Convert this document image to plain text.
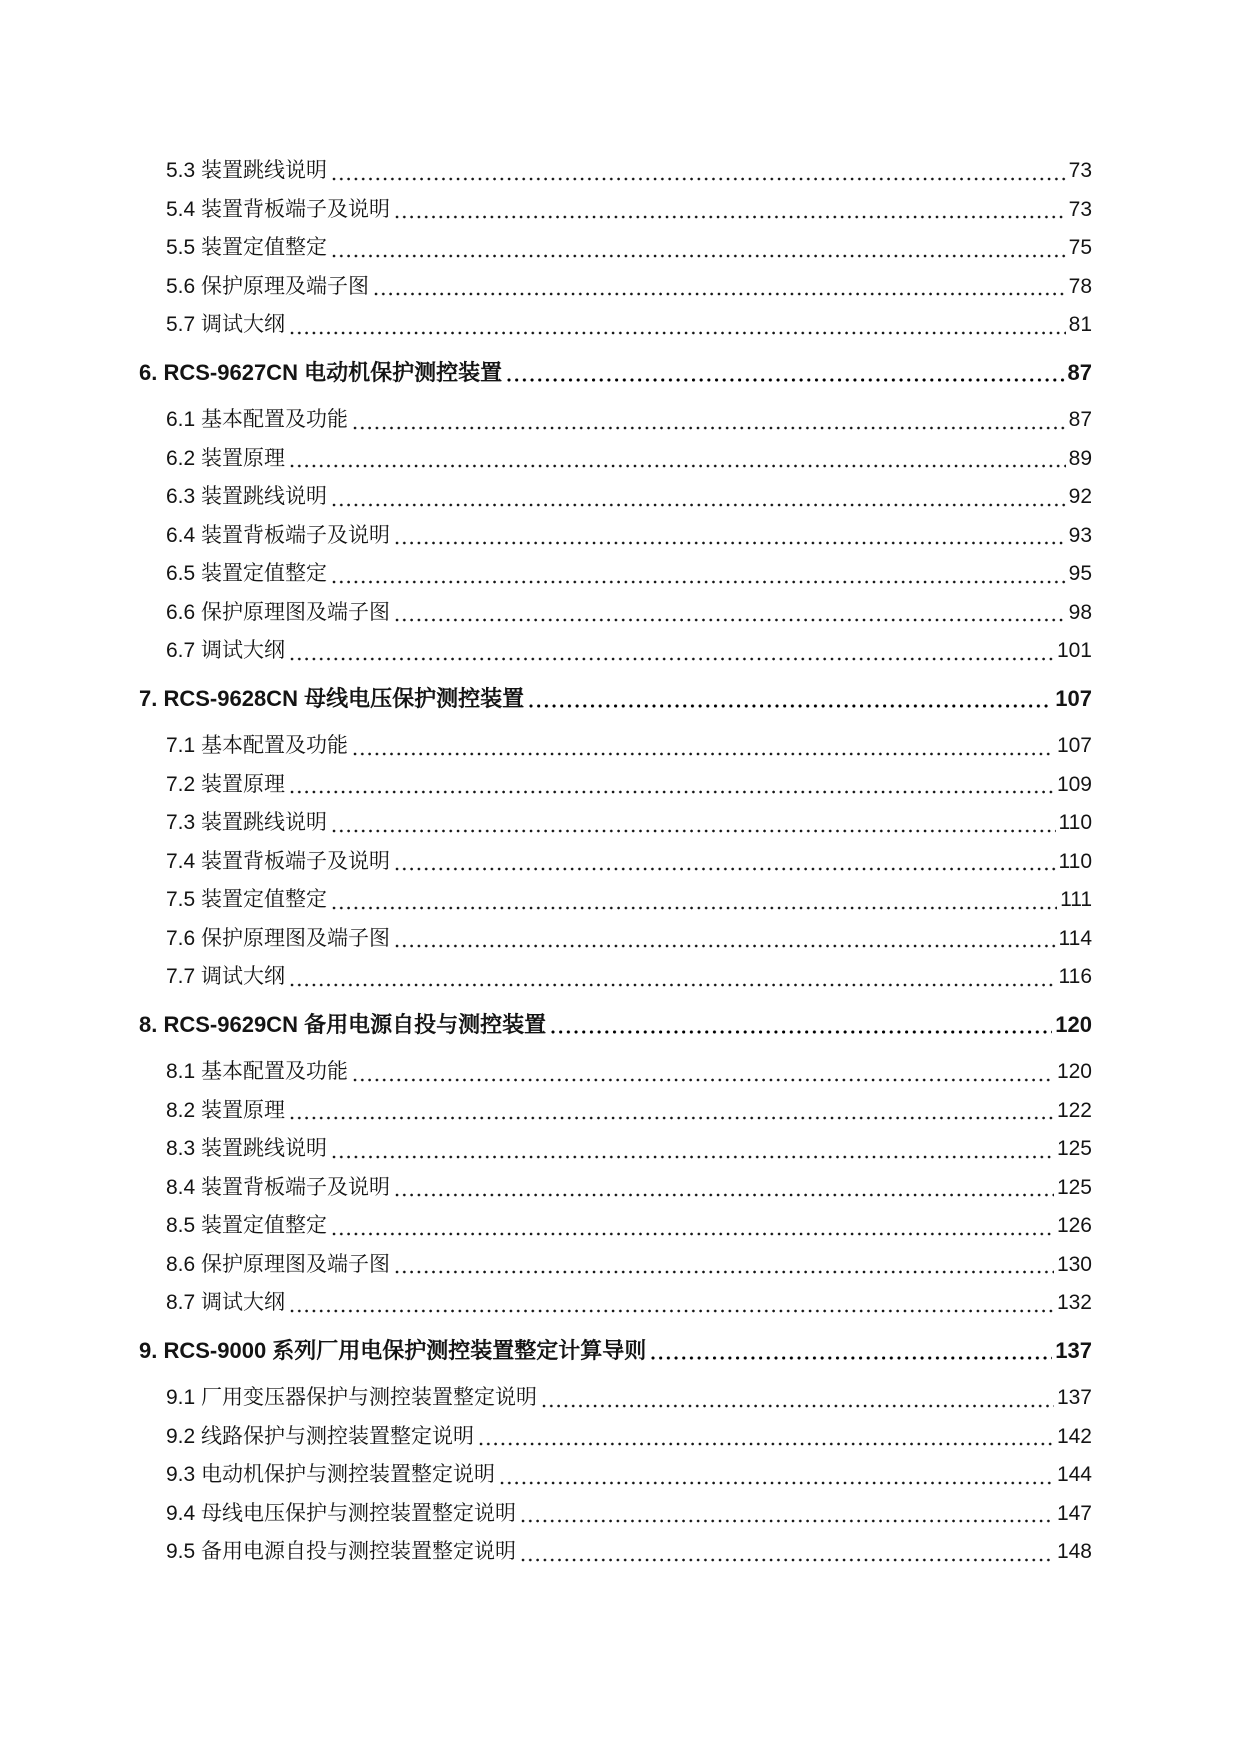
5.3 装置跳线说明	73
5.4 装置背板端子及说明	73
5.5 装置定值整定	75
5.6 保护原理及端子图	78
5.7 调试大纲	81
6. RCS-9627CN 电动机保护测控装置	87
6.1 基本配置及功能	87
6.2 装置原理	89
6.3 装置跳线说明	92
6.4 装置背板端子及说明	93
6.5 装置定值整定	95
6.6 保护原理图及端子图	98
6.7 调试大纲	101
7. RCS-9628CN 母线电压保护测控装置	107
7.1 基本配置及功能	107
7.2 装置原理	109
7.3 装置跳线说明	110
7.4 装置背板端子及说明	110
7.5 装置定值整定	111
7.6 保护原理图及端子图	114
7.7 调试大纲	116
8. RCS-9629CN 备用电源自投与测控装置	120
8.1 基本配置及功能	120
8.2 装置原理	122
8.3 装置跳线说明	125
8.4 装置背板端子及说明	125
8.5 装置定值整定	126
8.6 保护原理图及端子图	130
8.7 调试大纲	132
9. RCS-9000 系列厂用电保护测控装置整定计算导则	137
9.1 厂用变压器保护与测控装置整定说明	137
9.2 线路保护与测控装置整定说明	142
9.3 电动机保护与测控装置整定说明	144
9.4 母线电压保护与测控装置整定说明	147
9.5 备用电源自投与测控装置整定说明	148
